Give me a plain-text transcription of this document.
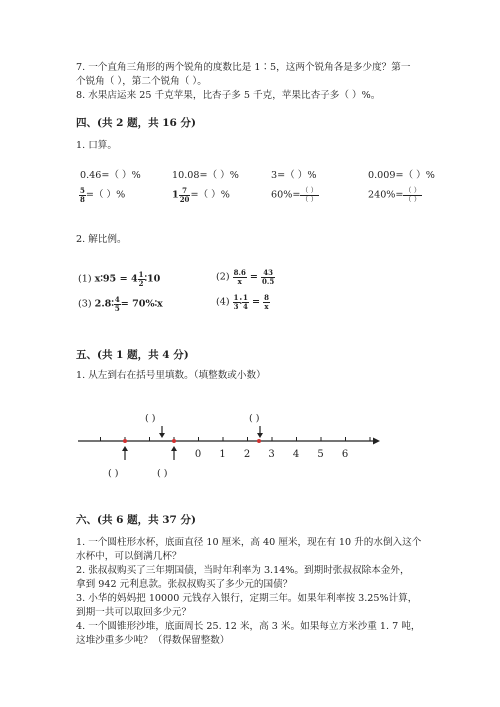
7. 一个直角三角形的两个锐角的度数比是 1∶5，这两个锐角各是多少度？第一
个锐角（ ），第二个锐角（ ）。
8. 水果店运来 25 千克苹果，比杏子多 5 千克，苹果比杏子多（ ）%。
四、(共 2 题，共 16 分)
1. 口算。
0.46=（ ）%	10.08=（ ）%	3=（ ）%	0.009=（ ）%
$\frac{5}{8}$ =（ ）%	$1 \frac{7}{20}$ =（ ）%	$60\%= \frac{( )}{( )}$	$240\%= \frac{( )}{( )}$
2. 解比例。
(1) x∶95 = $4 \frac{1}{2}$ ∶10	$(2) \frac{8.6}{x} = \frac{43}{0.5}$
(3) 2.8∶ $\frac{4}{5}$ = 70%∶x	$(4) \frac{1}{3}$ ∶ $\frac{1}{4} = \frac{8}{x}$
五、(共 1 题，共 4 分)
1. 从左到右在括号里填数。（填整数或小数）
( )	( )
( )	( )
0 1 2 3 4 5 6
六、(共 6 题，共 37 分)
1. 一个圆柱形水杯，底面直径 10 厘米，高 40 厘米，现在有 10 升的水倒入这个
水杯中，可以倒满几杯？
2. 张叔叔购买了三年期国债，当时年利率为 3.14%。到期时张叔叔除本金外，
拿到 942 元利息款。张叔叔购买了多少元的国债？
3. 小华的妈妈把 10000 元钱存入银行，定期三年。如果年利率按 3.25%计算，
到期一共可以取回多少元？
4. 一个圆锥形沙堆，底面周长 25. 12 米，高 3 米。如果每立方米沙重 1. 7 吨，
这堆沙重多少吨？（得数保留整数）
